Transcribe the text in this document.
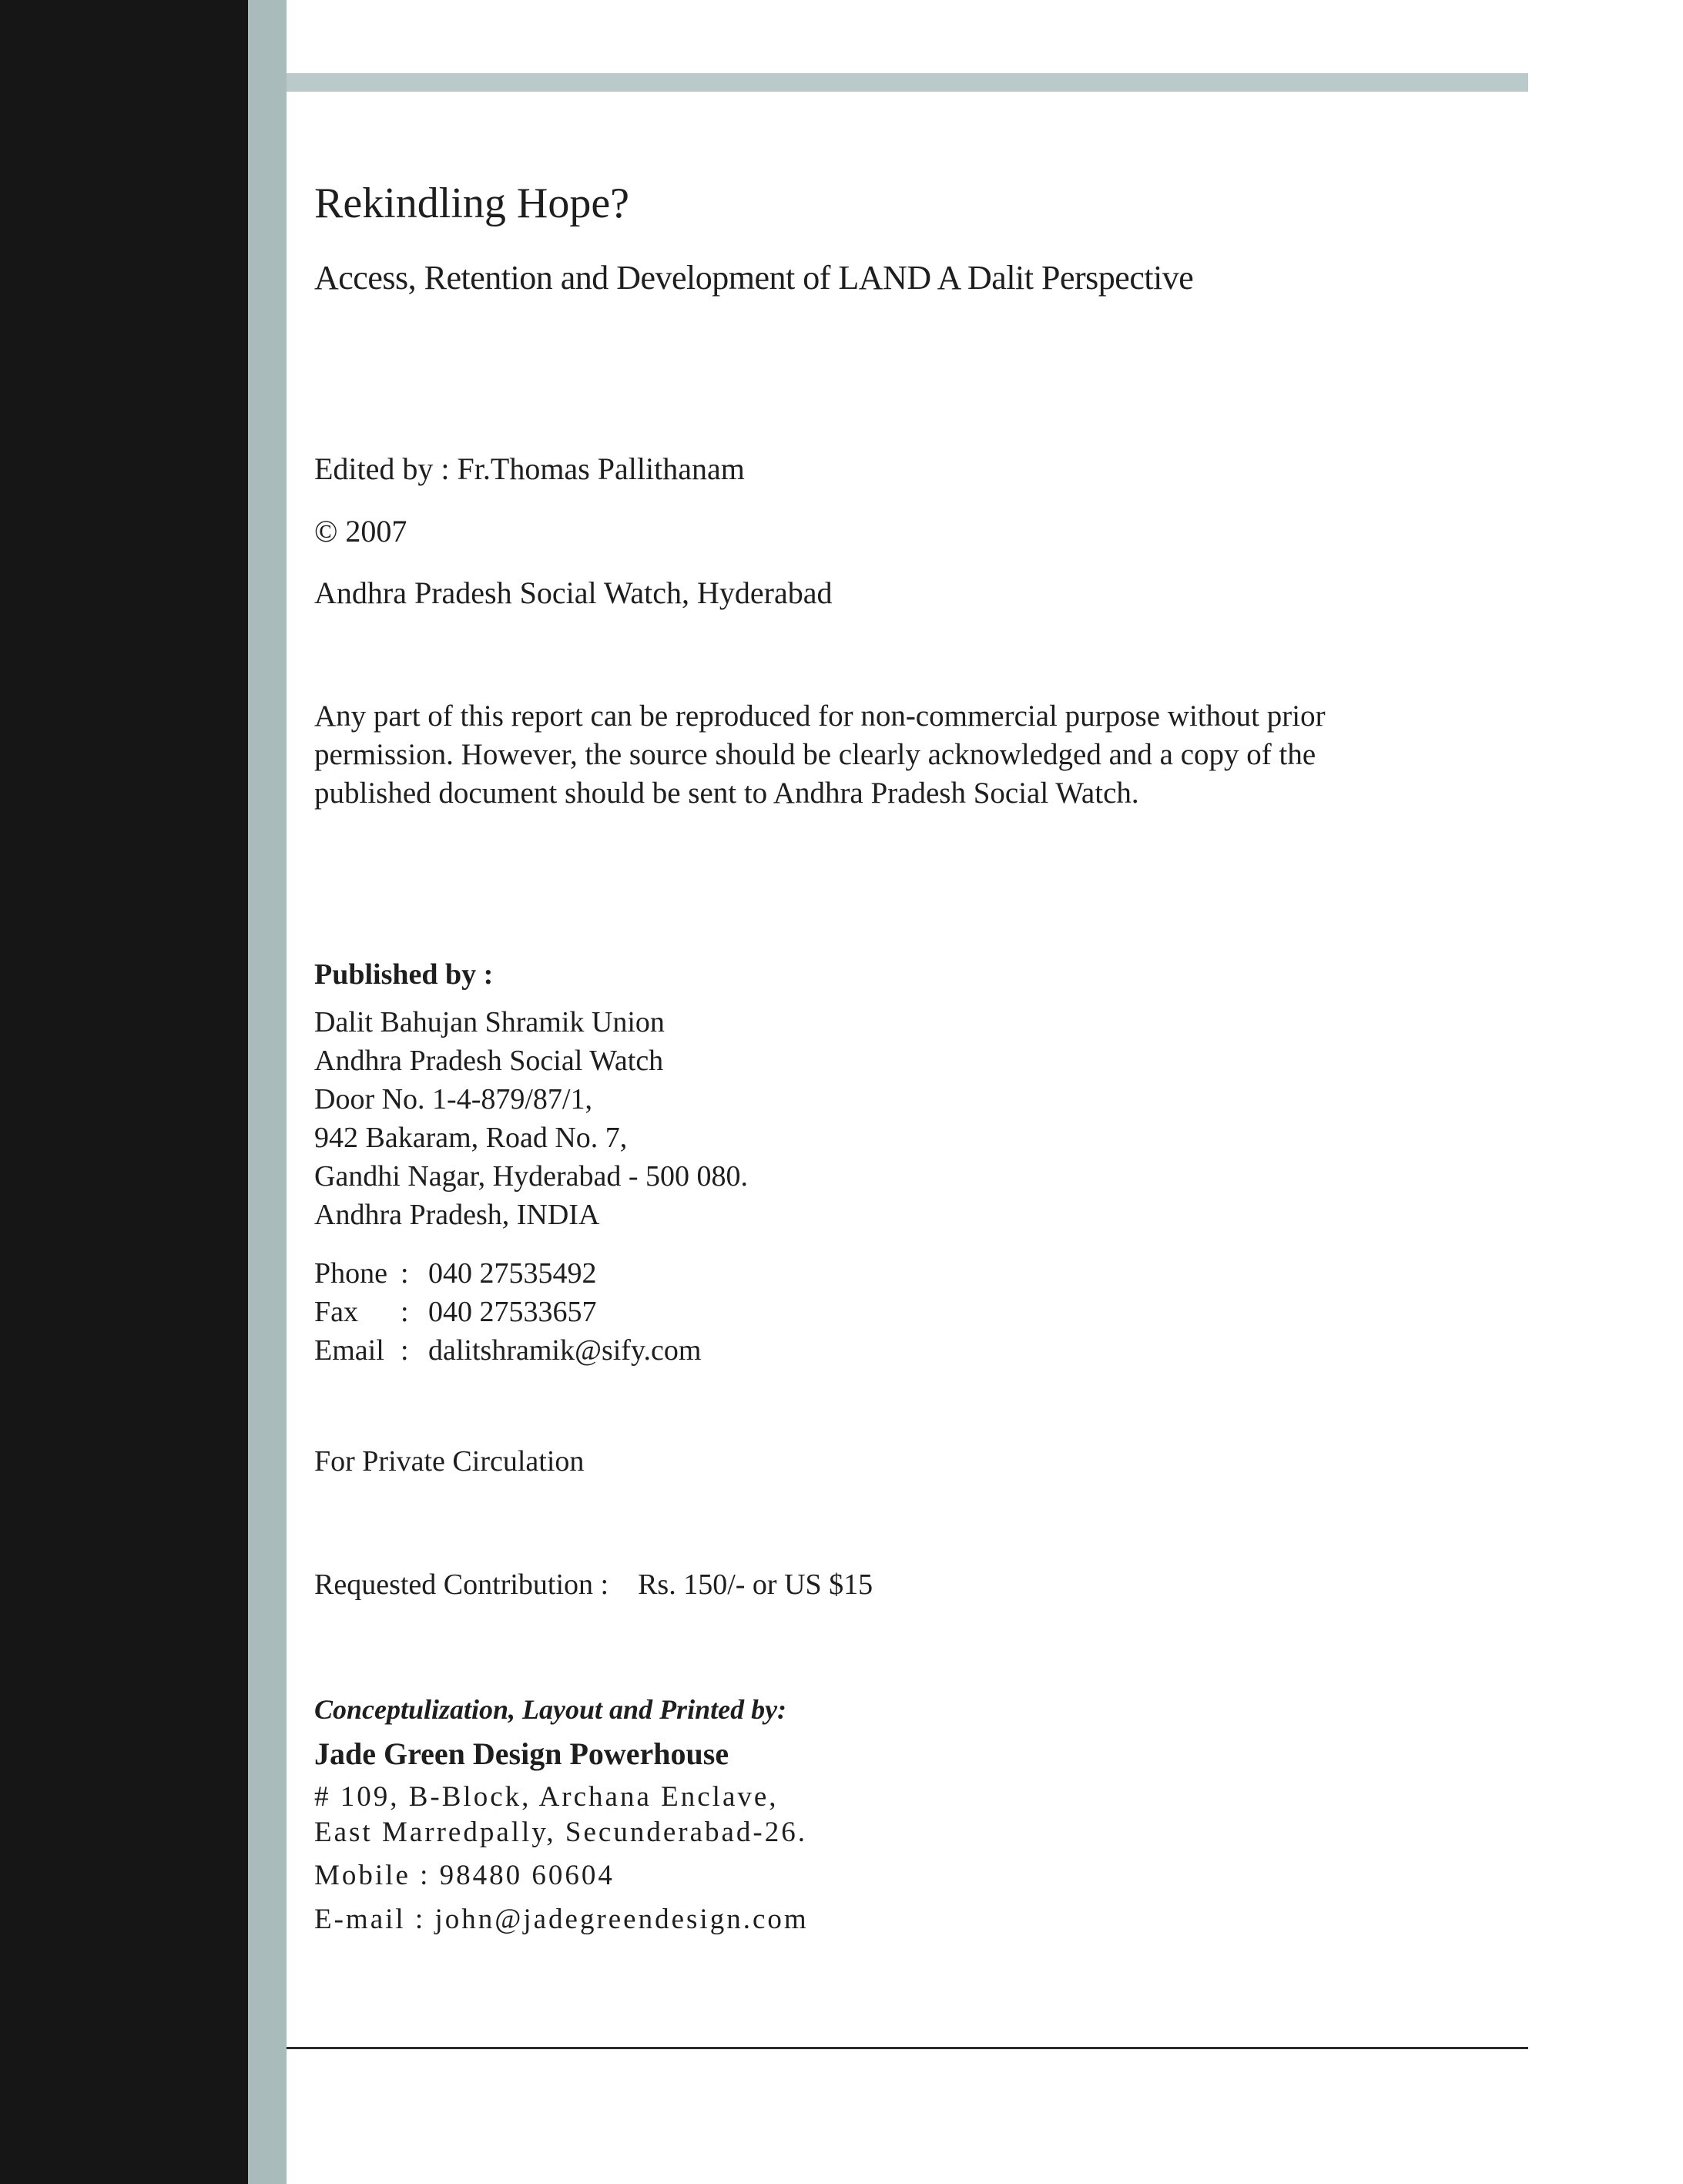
Rekindling Hope?
Access, Retention and Development of LAND A Dalit Perspective
Edited by : Fr.Thomas Pallithanam
© 2007
Andhra Pradesh Social Watch, Hyderabad
Any part of this report can be reproduced for non-commercial purpose without prior
permission. However, the source should be clearly acknowledged and a copy of the
published document should be sent to Andhra Pradesh Social Watch.
Published by :
Dalit Bahujan Shramik Union
Andhra Pradesh Social Watch
Door No. 1-4-879/87/1,
942 Bakaram, Road No. 7,
Gandhi Nagar, Hyderabad - 500 080.
Andhra Pradesh, INDIA
Phone : 040 27535492
Fax	: 040 27533657
Email : dalitshramik@sify.com
For Private Circulation
Requested Contribution :    Rs. 150/- or US $15
Conceptulization, Layout and Printed by:
Jade Green Design Powerhouse
# 109, B-Block, Archana Enclave,
East Marredpally, Secunderabad-26.
Mobile : 98480 60604
E-mail : john@jadegreendesign.com
